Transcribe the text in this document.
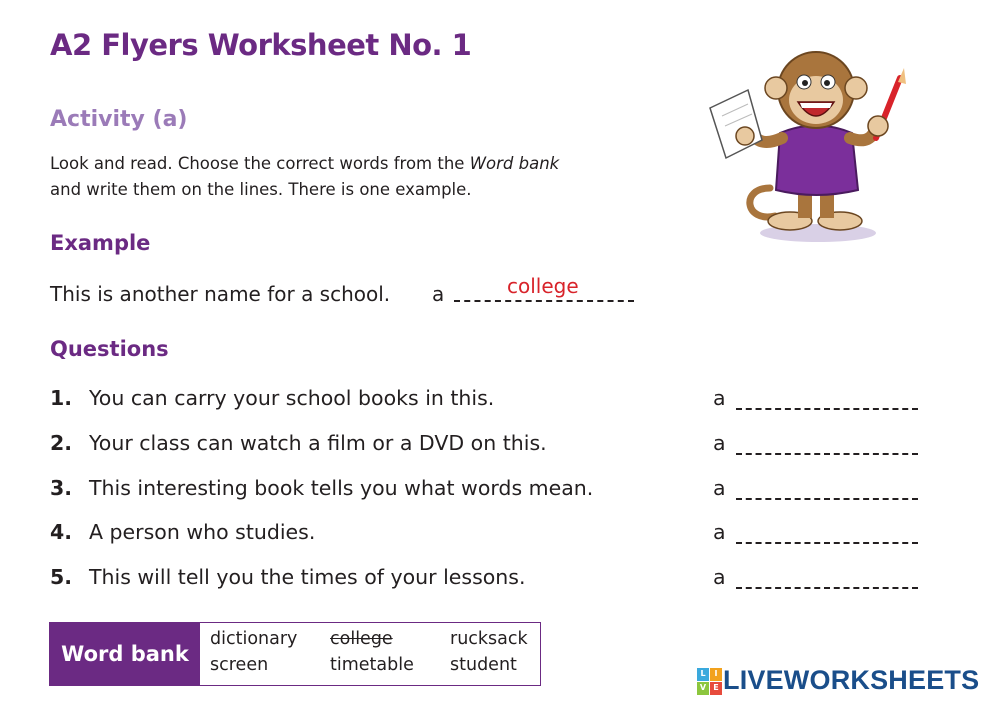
A2 Flyers Worksheet No. 1
Activity (a)
Look and read. Choose the correct words from the Word bank
and write them on the lines. There is one example.
Example
This is another name for a school. a	college
Questions
1. You can carry your school books in this.	a
2. Your class can watch a film or a DVD on this.	a
3. This interesting book tells you what words mean.	a
4. A person who studies.	a
5. This will tell you the times of your lessons.	a
Word bank
dictionary college	rucksack
screen	timetable student	L	I
V E LIVEWORKSHEETS
